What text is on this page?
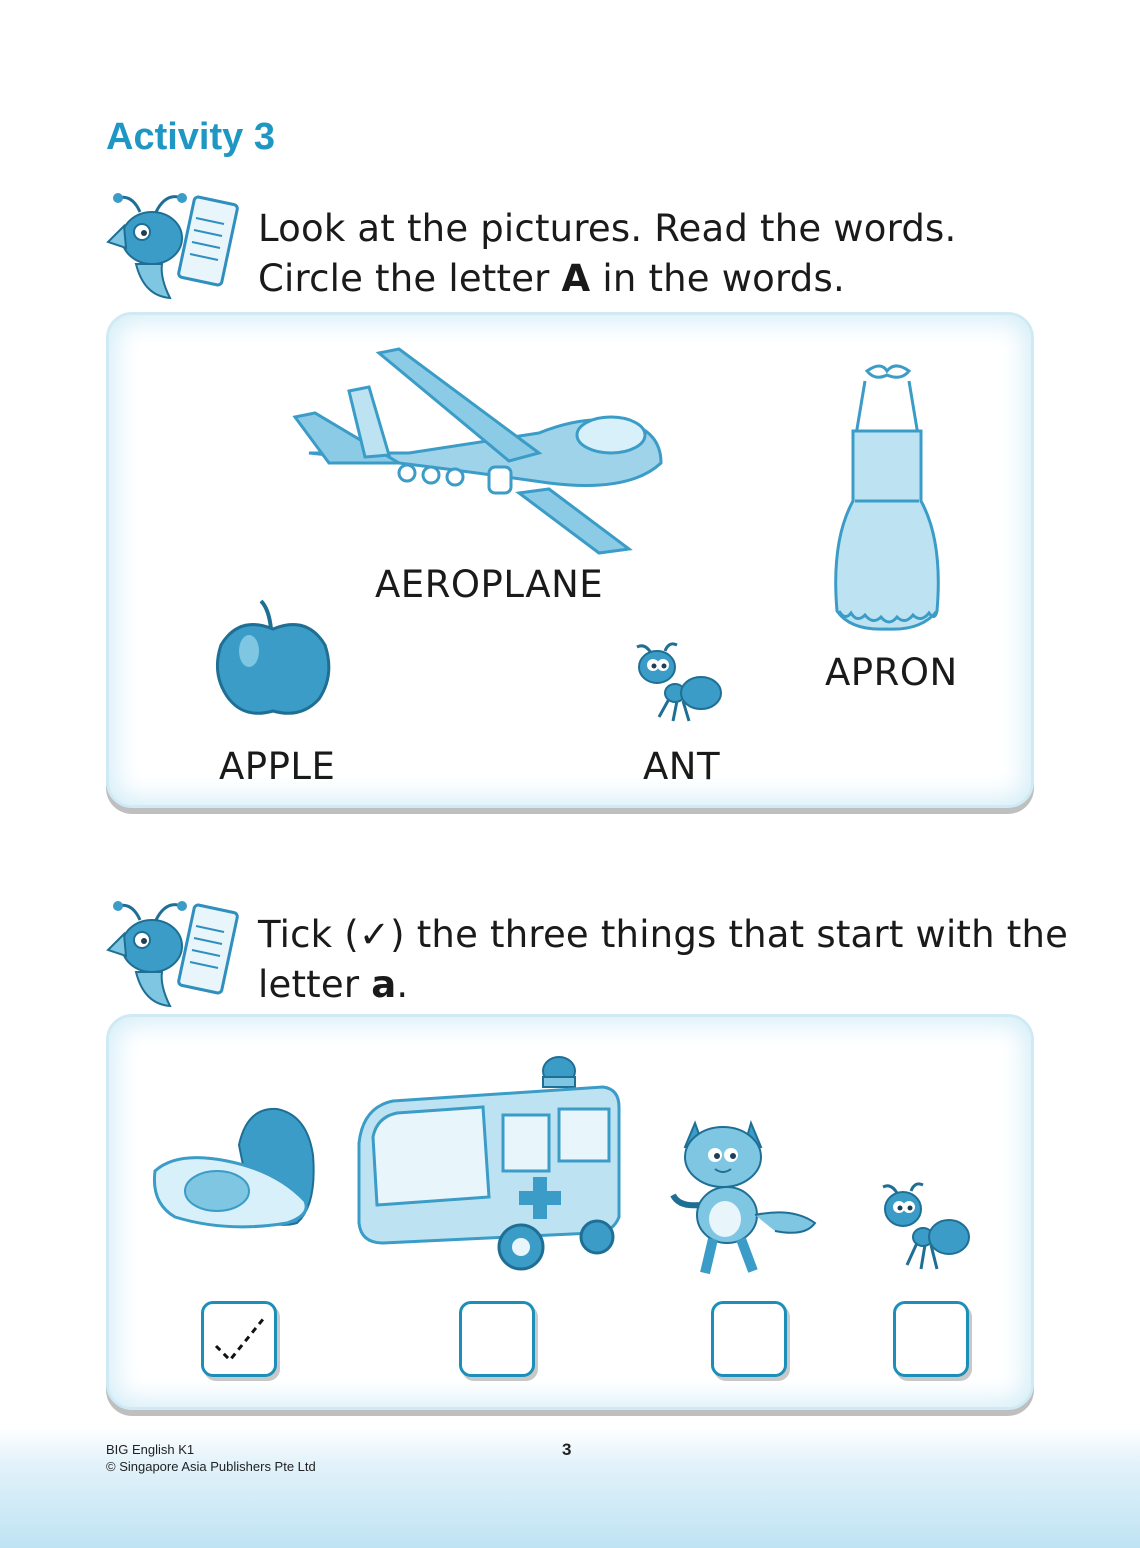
Activity 3
Look at the pictures. Read the words.
Circle the letter A in the words.
AEROPLANE
APRON
APPLE	ANT
Tick (✓) the three things that start with the
letter a.
BIG English K1
© Singapore Asia Publishers Pte Ltd
3
